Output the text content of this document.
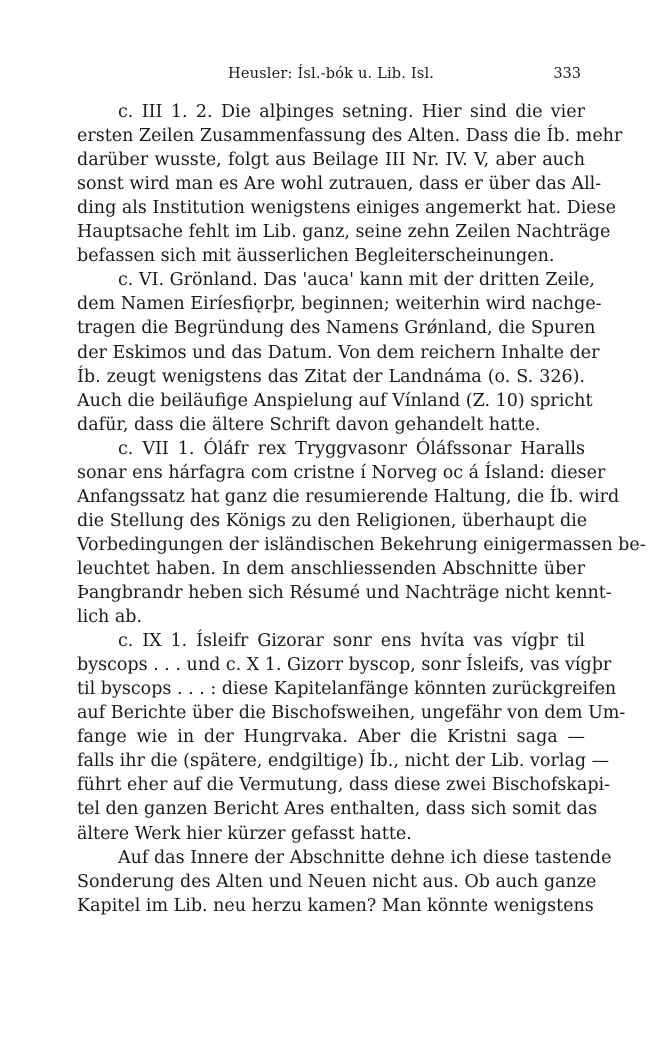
Heusler: Ísl.-bók u. Lib. Isl.	333
c. III 1. 2. Die alþinges setning. Hier sind die vier
ersten Zeilen Zusammenfassung des Alten. Dass die Íb. mehr
darüber wusste, folgt aus Beilage III Nr. IV. V, aber auch
sonst wird man es Are wohl zutrauen, dass er über das All-
ding als Institution wenigstens einiges angemerkt hat. Diese
Hauptsache fehlt im Lib. ganz, seine zehn Zeilen Nachträge
befassen sich mit äusserlichen Begleiterscheinungen.
c. VI. Grönland. Das 'auca' kann mit der dritten Zeile,
dem Namen Eiríesfiǫrþr, beginnen; weiterhin wird nachge-
tragen die Begründung des Namens Grǿnland, die Spuren
der Eskimos und das Datum. Von dem reichern Inhalte der
Íb. zeugt wenigstens das Zitat der Landnáma (o. S. 326).
Auch die beiläufige Anspielung auf Vínland (Z. 10) spricht
dafür, dass die ältere Schrift davon gehandelt hatte.
c. VII 1. Óláfr rex Tryggvasonr Óláfssonar Haralls
sonar ens hárfagra com cristne í Norveg oc á Ísland: dieser
Anfangssatz hat ganz die resumierende Haltung, die Íb. wird
die Stellung des Königs zu den Religionen, überhaupt die
Vorbedingungen der isländischen Bekehrung einigermassen be-
leuchtet haben. In dem anschliessenden Abschnitte über
Þangbrandr heben sich Résumé und Nachträge nicht kennt-
lich ab.
c. IX 1. Ísleifr Gizorar sonr ens hvíta vas vígþr til
byscops . . . und c. X 1. Gizorr byscop, sonr Ísleifs, vas vígþr
til byscops . . . : diese Kapitelanfänge könnten zurückgreifen
auf Berichte über die Bischofsweihen, ungefähr von dem Um-
fange wie in der Hungrvaka. Aber die Kristni saga —
falls ihr die (spätere, endgiltige) Íb., nicht der Lib. vorlag —
führt eher auf die Vermutung, dass diese zwei Bischofskapi-
tel den ganzen Bericht Ares enthalten, dass sich somit das
ältere Werk hier kürzer gefasst hatte.
Auf das Innere der Abschnitte dehne ich diese tastende
Sonderung des Alten und Neuen nicht aus. Ob auch ganze
Kapitel im Lib. neu herzu kamen? Man könnte wenigstens
